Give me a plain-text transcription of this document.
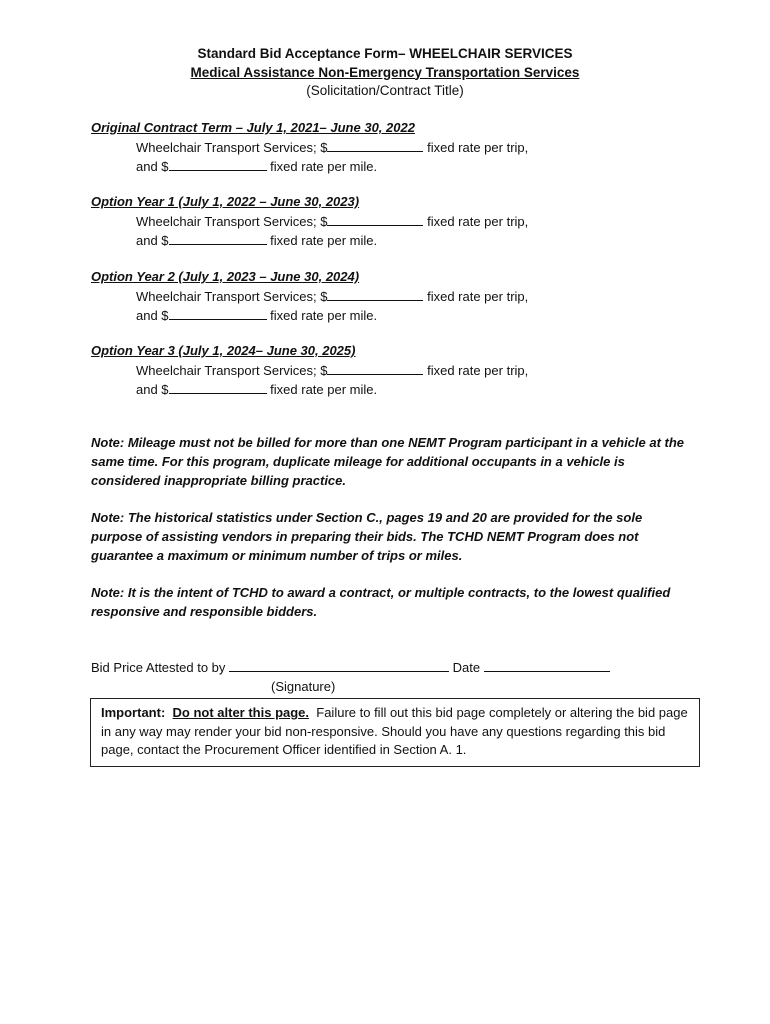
Standard Bid Acceptance Form– WHEELCHAIR SERVICES
Medical Assistance Non-Emergency Transportation Services
(Solicitation/Contract Title)
Original Contract Term – July 1, 2021– June 30, 2022
Wheelchair Transport Services; $	fixed rate per trip,
and $	fixed rate per mile.
Option Year 1 (July 1, 2022 – June 30, 2023)
Wheelchair Transport Services; $	fixed rate per trip,
and $	fixed rate per mile.
Option Year 2 (July 1, 2023 – June 30, 2024)
Wheelchair Transport Services; $	fixed rate per trip,
and $	fixed rate per mile.
Option Year 3 (July 1, 2024– June 30, 2025)
Wheelchair Transport Services; $	fixed rate per trip,
and $	fixed rate per mile.
Note: Mileage must not be billed for more than one NEMT Program participant in a vehicle at the same time. For this program, duplicate mileage for additional occupants in a vehicle is considered inappropriate billing practice.
Note: The historical statistics under Section C., pages 19 and 20 are provided for the sole purpose of assisting vendors in preparing their bids. The TCHD NEMT Program does not guarantee a maximum or minimum number of trips or miles.
Note: It is the intent of TCHD to award a contract, or multiple contracts, to the lowest qualified responsive and responsible bidders.
Bid Price Attested to by	Date
(Signature)
Important: Do not alter this page. Failure to fill out this bid page completely or altering the bid page in any way may render your bid non-responsive. Should you have any questions regarding this bid page, contact the Procurement Officer identified in Section A. 1.
